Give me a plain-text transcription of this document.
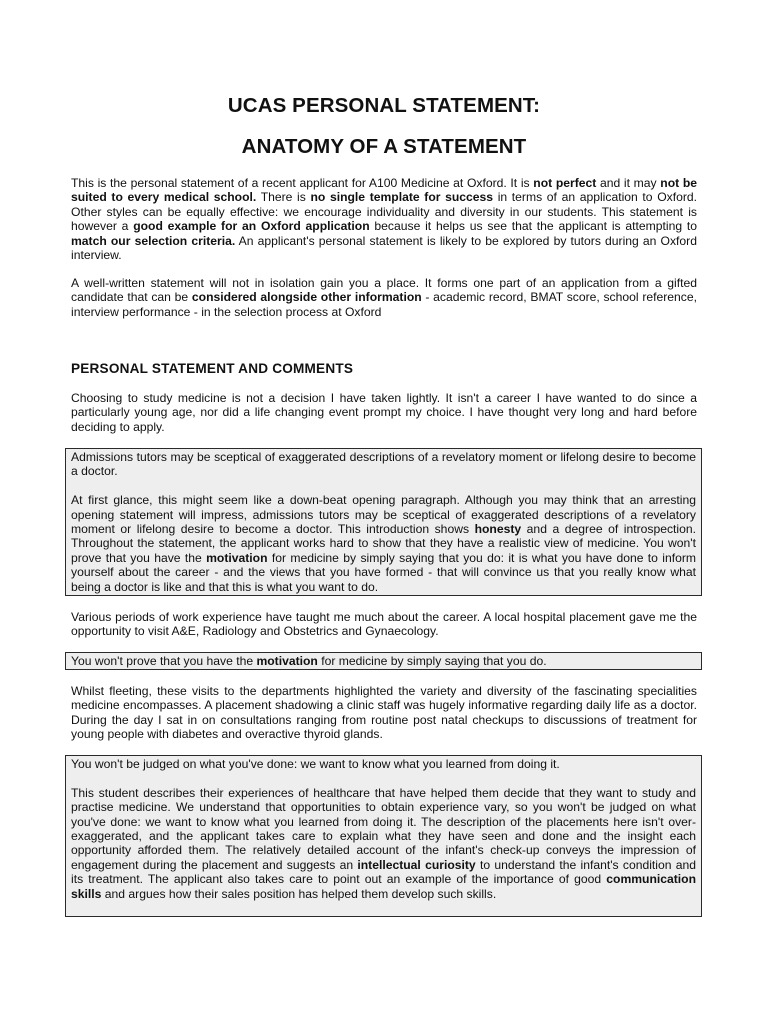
UCAS PERSONAL STATEMENT:
ANATOMY OF A STATEMENT

This is the personal statement of a recent applicant for A100 Medicine at Oxford. It is not perfect and it may not be suited to every medical school. There is no single template for success in terms of an application to Oxford. Other styles can be equally effective: we encourage individuality and diversity in our students. This statement is however a good example for an Oxford application because it helps us see that the applicant is attempting to match our selection criteria. An applicant's personal statement is likely to be explored by tutors during an Oxford interview.

A well-written statement will not in isolation gain you a place. It forms one part of an application from a gifted candidate that can be considered alongside other information - academic record, BMAT score, school reference, interview performance - in the selection process at Oxford

PERSONAL STATEMENT AND COMMENTS

Choosing to study medicine is not a decision I have taken lightly. It isn't a career I have wanted to do since a particularly young age, nor did a life changing event prompt my choice. I have thought very long and hard before deciding to apply.

Admissions tutors may be sceptical of exaggerated descriptions of a revelatory moment or lifelong desire to become a doctor.

At first glance, this might seem like a down-beat opening paragraph. Although you may think that an arresting opening statement will impress, admissions tutors may be sceptical of exaggerated descriptions of a revelatory moment or lifelong desire to become a doctor. This introduction shows honesty and a degree of introspection. Throughout the statement, the applicant works hard to show that they have a realistic view of medicine. You won't prove that you have the motivation for medicine by simply saying that you do: it is what you have done to inform yourself about the career - and the views that you have formed - that will convince us that you really know what being a doctor is like and that this is what you want to do.

Various periods of work experience have taught me much about the career. A local hospital placement gave me the opportunity to visit A&E, Radiology and Obstetrics and Gynaecology.

You won't prove that you have the motivation for medicine by simply saying that you do.

Whilst fleeting, these visits to the departments highlighted the variety and diversity of the fascinating specialities medicine encompasses. A placement shadowing a clinic staff was hugely informative regarding daily life as a doctor. During the day I sat in on consultations ranging from routine post natal checkups to discussions of treatment for young people with diabetes and overactive thyroid glands.

You won't be judged on what you've done: we want to know what you learned from doing it.

This student describes their experiences of healthcare that have helped them decide that they want to study and practise medicine. We understand that opportunities to obtain experience vary, so you won't be judged on what you've done: we want to know what you learned from doing it. The description of the placements here isn't over-exaggerated, and the applicant takes care to explain what they have seen and done and the insight each opportunity afforded them. The relatively detailed account of the infant's check-up conveys the impression of engagement during the placement and suggests an intellectual curiosity to understand the infant's condition and its treatment. The applicant also takes care to point out an example of the importance of good communication skills and argues how their sales position has helped them develop such skills.
